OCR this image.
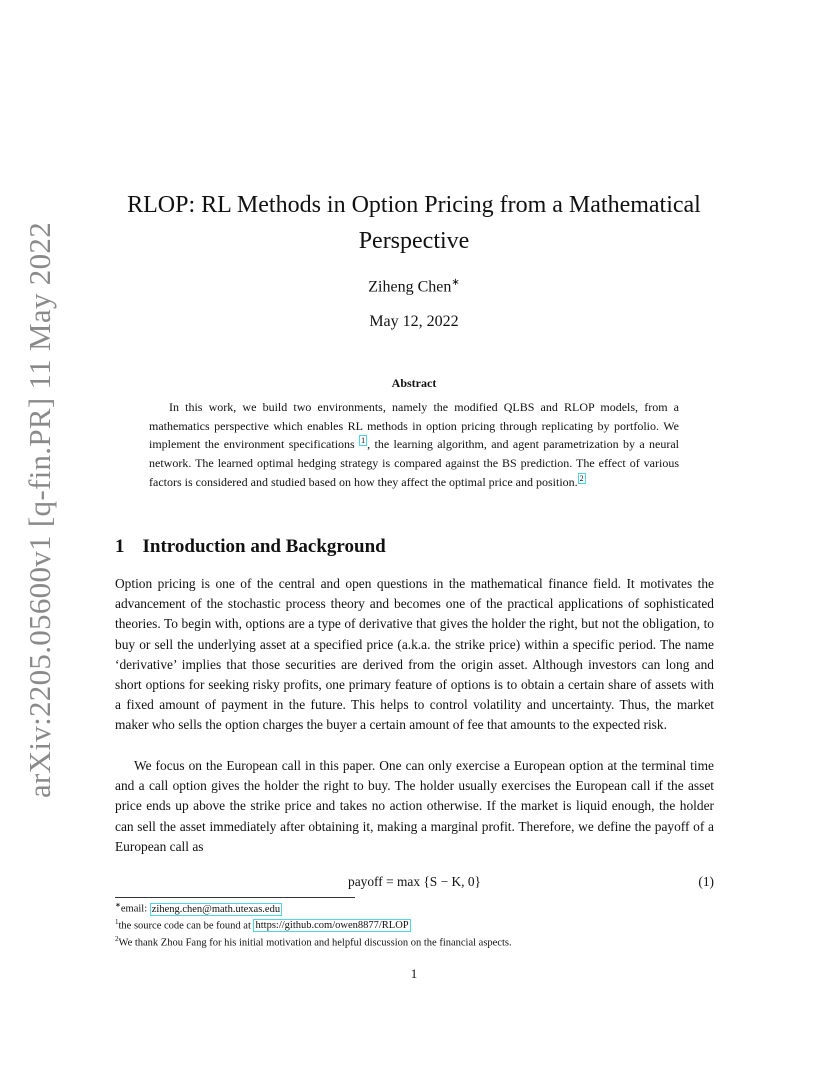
arXiv:2205.05600v1 [q-fin.PR] 11 May 2022
RLOP: RL Methods in Option Pricing from a Mathematical
Perspective
Ziheng Chen∗
May 12, 2022
Abstract

In this work, we build two environments, namely the modified QLBS and RLOP models, from a mathematics perspective which enables RL methods in option pricing through replicating by portfolio. We implement the environment specifications $^1$ , the learning algorithm, and agent parametrization by a neural network. The learned optimal hedging strategy is compared against the BS prediction. The effect of various factors is considered and studied based on how they affect the optimal price and position. $^2$

1 Introduction and Background

Option pricing is one of the central and open questions in the mathematical finance field. It motivates the advancement of the stochastic process theory and becomes one of the practical applications of sophisticated theories. To begin with, options are a type of derivative that gives the holder the right, but not the obligation, to buy or sell the underlying asset at a specified price (a.k.a. the strike price) within a specific period. The name ‘derivative’ implies that those securities are derived from the origin asset. Although investors can long and short options for seeking risky profits, one primary feature of options is to obtain a certain share of assets with a fixed amount of payment in the future. This helps to control volatility and uncertainty. Thus, the market maker who sells the option charges the buyer a certain amount of fee that amounts to the expected risk.

We focus on the European call in this paper. One can only exercise a European option at the terminal time and a call option gives the holder the right to buy. The holder usually exercises the European call if the asset price ends up above the strike price and takes no action otherwise. If the market is liquid enough, the holder can sell the asset immediately after obtaining it, making a marginal profit. Therefore, we define the payoff of a European call as

payoff = max {S − K, 0}	(1)
∗email: ziheng.chen@math.utexas.edu
$^1$the source code can be found at https://github.com/owen8877/RLOP
$^2$We thank Zhou Fang for his initial motivation and helpful discussion on the financial aspects.
1
